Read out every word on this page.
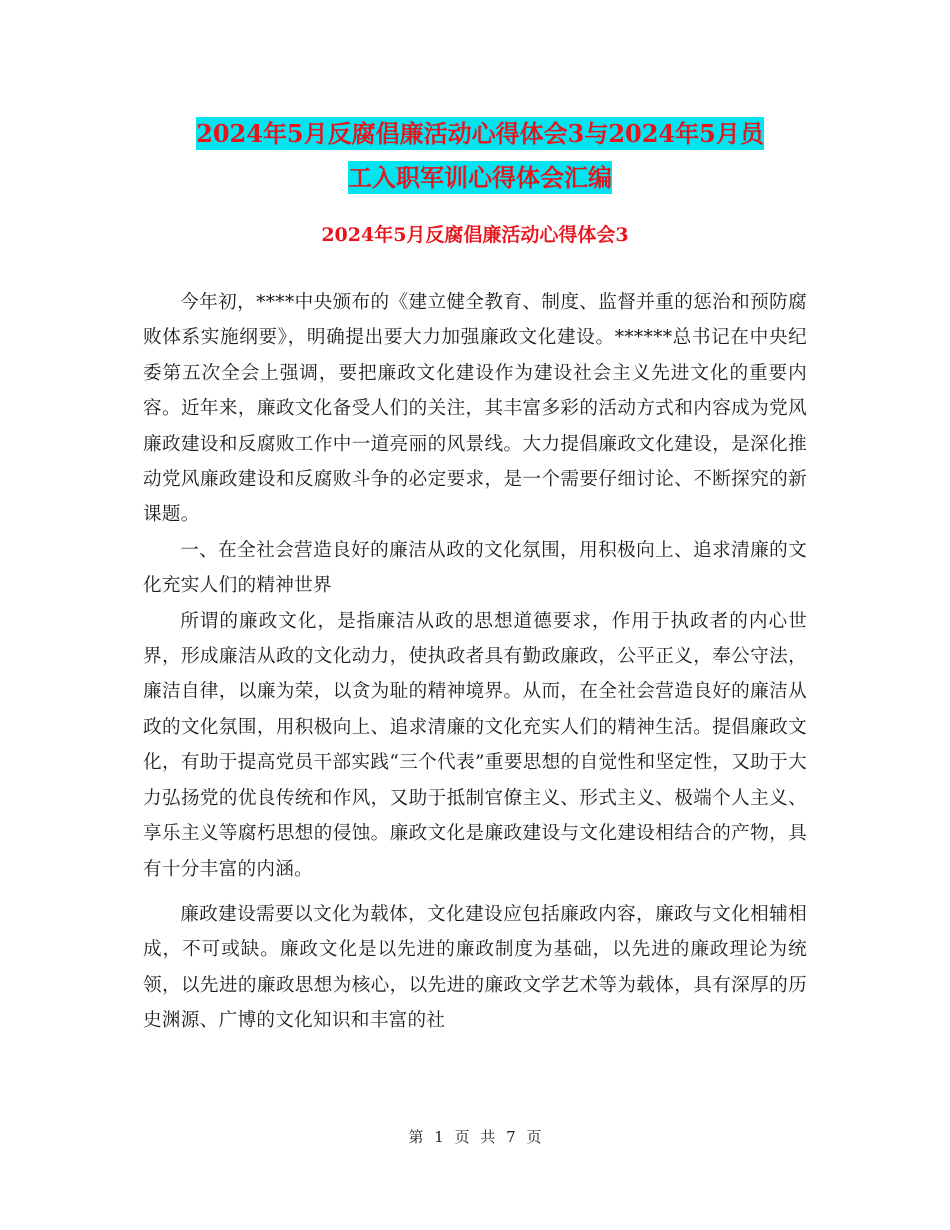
2024年5月反腐倡廉活动心得体会3与2024年5月员
工入职军训心得体会汇编
2024年5月反腐倡廉活动心得体会3

今年初，****中央颁布的《建立健全教育、制度、监督并重的惩治和预防腐败体系实施纲要》，明确提出要大力加强廉政文化建设。******总书记在中央纪委第五次全会上强调，要把廉政文化建设作为建设社会主义先进文化的重要内容。近年来，廉政文化备受人们的关注，其丰富多彩的活动方式和内容成为党风廉政建设和反腐败工作中一道亮丽的风景线。大力提倡廉政文化建设，是深化推动党风廉政建设和反腐败斗争的必定要求，是一个需要仔细讨论、不断探究的新课题。

一、在全社会营造良好的廉洁从政的文化氛围，用积极向上、追求清廉的文化充实人们的精神世界

所谓的廉政文化，是指廉洁从政的思想道德要求，作用于执政者的内心世界，形成廉洁从政的文化动力，使执政者具有勤政廉政，公平正义，奉公守法，廉洁自律，以廉为荣，以贪为耻的精神境界。从而，在全社会营造良好的廉洁从政的文化氛围，用积极向上、追求清廉的文化充实人们的精神生活。提倡廉政文化，有助于提高党员干部实践“三个代表”重要思想的自觉性和坚定性，又助于大力弘扬党的优良传统和作风，又助于抵制官僚主义、形式主义、极端个人主义、享乐主义等腐朽思想的侵蚀。廉政文化是廉政建设与文化建设相结合的产物，具有十分丰富的内涵。

廉政建设需要以文化为载体，文化建设应包括廉政内容，廉政与文化相辅相成，不可或缺。廉政文化是以先进的廉政制度为基础，以先进的廉政理论为统领，以先进的廉政思想为核心，以先进的廉政文学艺术等为载体，具有深厚的历史渊源、广博的文化知识和丰富的社

第 1 页 共 7 页
